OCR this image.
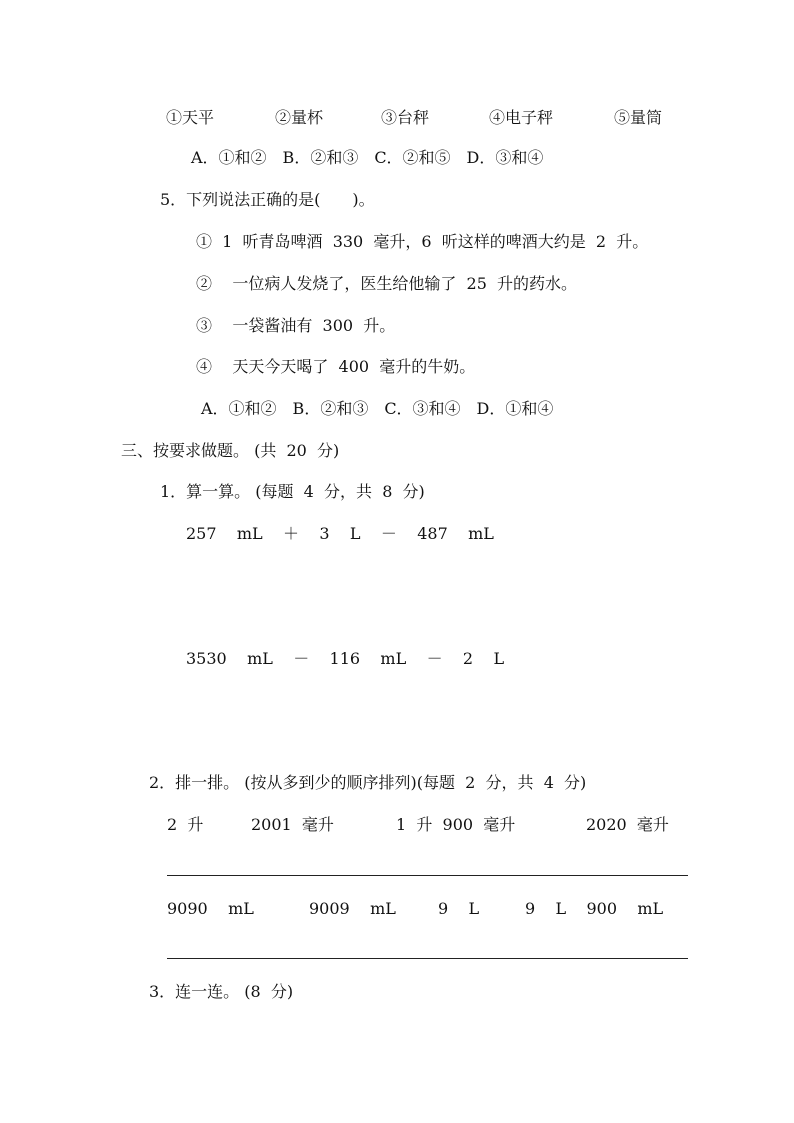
①天平

	②量杯

	③台秤

	④电子秤

	⑤量筒

A．①和②　B．②和③　C．②和⑤　D．③和④
5．下列说法正确的是(　　)。
①  1  听青岛啤酒  330  毫升，6  听这样的啤酒大约是  2  升。
②    一位病人发烧了，医生给他输了  25  升的药水。
③    一袋酱油有  300  升。
④    天天今天喝了  400  毫升的牛奶。
A．①和②　B．②和③　C．③和④　D．①和④
三、按要求做题。 (共  20  分)
1．算一算。 (每题  4  分，共  8  分)
257    mL    ＋    3    L    －    487    mL
3530    mL    －    116    mL    －    2    L
2．排一排。 (按从多到少的顺序排列)(每题  2  分，共  4  分)

2  升

	2001  毫升

	1  升  900  毫升

	2020  毫升

9090    mL

	9009    mL

	9    L

	9    L    900    mL

3．连一连。 (8  分)
